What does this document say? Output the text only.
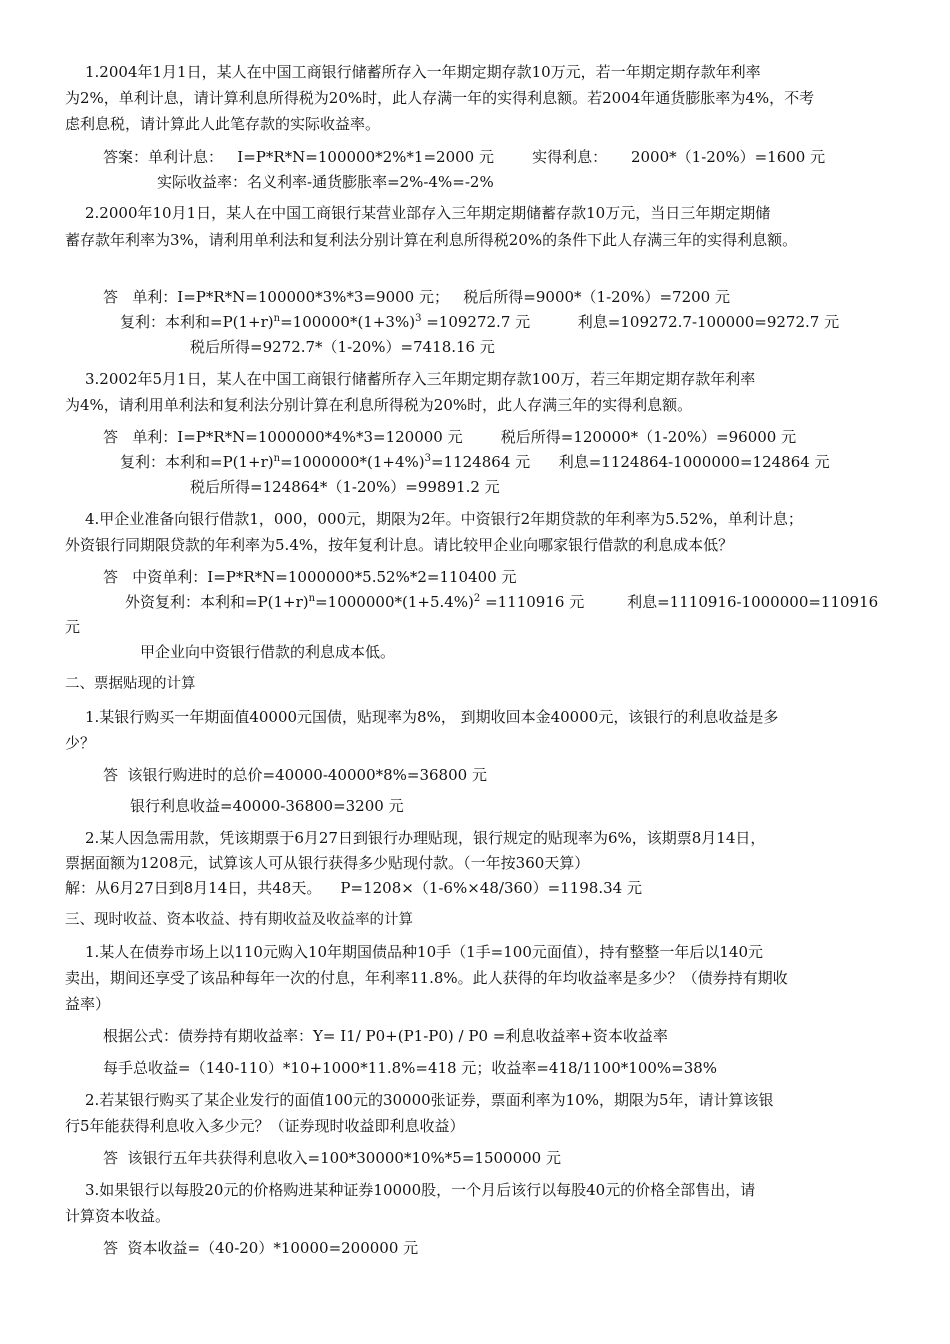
1.2004年1月1日，某人在中国工商银行储蓄所存入一年期定期存款10万元，若一年期定期存款年利率

为2%，单利计息，请计算利息所得税为20%时，此人存满一年的实得利息额。若2004年通货膨胀率为4%，不考

虑利息税，请计算此人此笔存款的实际收益率。

答案：单利计息：   I=P*R*N=100000*2%*1=2000 元        实得利息：     2000*（1-20%）=1600 元

实际收益率：名义利率-通货膨胀率=2%-4%=-2%

2.2000年10月1日，某人在中国工商银行某营业部存入三年期定期储蓄存款10万元，当日三年期定期储

蓄存款年利率为3%，请利用单利法和复利法分别计算在利息所得税20%的条件下此人存满三年的实得利息额。

答   单利：I=P*R*N=100000*3%*3=9000 元；   税后所得=9000*（1-20%）=7200 元

复利：本利和$=P(1+r)^n=100000*(1+3\%)^3 =109272.7$ 元          利息=109272.7-100000=9272.7 元

税后所得=9272.7*（1-20%）=7418.16 元

3.2002年5月1日，某人在中国工商银行储蓄所存入三年期定期存款100万，若三年期定期存款年利率

为4%，请利用单利法和复利法分别计算在利息所得税为20%时，此人存满三年的实得利息额。

答   单利：I=P*R*N=1000000*4%*3=120000 元        税后所得=120000*（1-20%）=96000 元

复利：本利和$=P(1+r)^n=1000000*(1+4\%)^3=1124864$ 元      利息=1124864-1000000=124864 元

税后所得=124864*（1-20%）=99891.2 元

4.甲企业准备向银行借款1，000，000元，期限为2年。中资银行2年期贷款的年利率为5.52%，单利计息；

外资银行同期限贷款的年利率为5.4%，按年复利计息。请比较甲企业向哪家银行借款的利息成本低？

答   中资单利：I=P*R*N=1000000*5.52%*2=110400 元

外资复利：本利和$=P(1+r)^n=1000000*(1+5.4\%)^2 =1110916$ 元         利息=1110916-1000000=110916

元

甲企业向中资银行借款的利息成本低。

二、票据贴现的计算

1.某银行购买一年期面值40000元国债，贴现率为8%， 到期收回本金40000元，该银行的利息收益是多

少？

答  该银行购进时的总价=40000-40000*8%=36800 元

银行利息收益=40000-36800=3200 元

2.某人因急需用款，凭该期票于6月27日到银行办理贴现，银行规定的贴现率为6%，该期票8月14日，

票据面额为1208元，试算该人可从银行获得多少贴现付款。（一年按360天算）

解：从6月27日到8月14日，共48天。    P=1208×（1-6%×48/360）=1198.34 元

三、现时收益、资本收益、持有期收益及收益率的计算

1.某人在债券市场上以110元购入10年期国债品种10手（1手=100元面值），持有整整一年后以140元

卖出，期间还享受了该品种每年一次的付息，年利率11.8%。此人获得的年均收益率是多少？（债券持有期收

益率）

根据公式：债券持有期收益率：Y= I1/ P0+(P1-P0) / P0 =利息收益率+资本收益率

每手总收益=（140-110）*10+1000*11.8%=418 元；收益率=418/1100*100%=38%

2.若某银行购买了某企业发行的面值100元的30000张证券，票面利率为10%，期限为5年，请计算该银

行5年能获得利息收入多少元？（证券现时收益即利息收益）

答  该银行五年共获得利息收入=100*30000*10%*5=1500000 元

3.如果银行以每股20元的价格购进某种证券10000股，一个月后该行以每股40元的价格全部售出，请

计算资本收益。

答  资本收益=（40-20）*10000=200000 元
